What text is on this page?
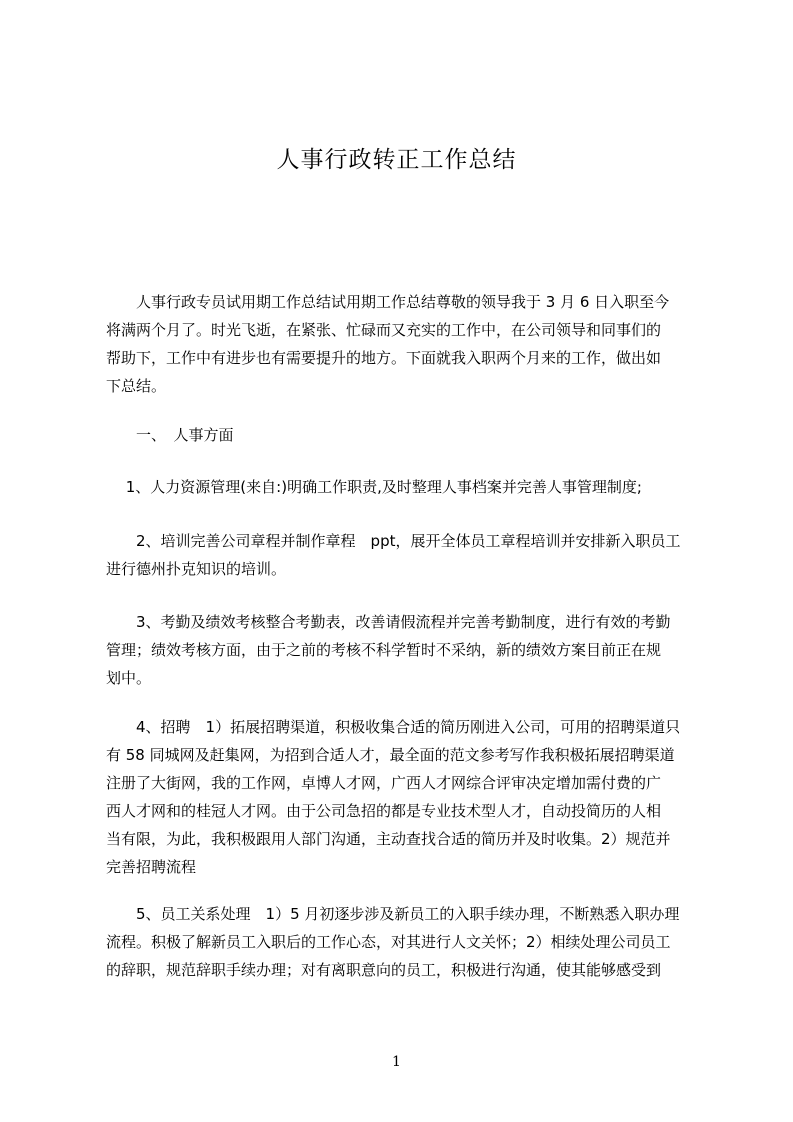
人事行政转正工作总结
　　人事行政专员试用期工作总结试用期工作总结尊敬的领导我于 3 月 6 日入职至今
将满两个月了。时光飞逝，在紧张、忙碌而又充实的工作中，在公司领导和同事们的
帮助下，工作中有进步也有需要提升的地方。下面就我入职两个月来的工作，做出如
下总结。
　　一、　人事方面
　 1、人力资源管理(来自:)明确工作职责,及时整理人事档案并完善人事管理制度;
　　2、培训完善公司章程并制作章程　ppt，展开全体员工章程培训并安排新入职员工
进行德州扑克知识的培训。
　　3、考勤及绩效考核整合考勤表，改善请假流程并完善考勤制度，进行有效的考勤
管理；绩效考核方面，由于之前的考核不科学暂时不采纳，新的绩效方案目前正在规
划中。
　　4、招聘　1）拓展招聘渠道，积极收集合适的简历刚进入公司，可用的招聘渠道只
有 58 同城网及赶集网，为招到合适人才，最全面的范文参考写作我积极拓展招聘渠道
注册了大街网，我的工作网，卓博人才网，广西人才网综合评审决定增加需付费的广
西人才网和的桂冠人才网。由于公司急招的都是专业技术型人才，自动投简历的人相
当有限，为此，我积极跟用人部门沟通，主动查找合适的简历并及时收集。2）规范并
完善招聘流程
　　5、员工关系处理　1）5 月初逐步涉及新员工的入职手续办理，不断熟悉入职办理
流程。积极了解新员工入职后的工作心态，对其进行人文关怀；2）相续处理公司员工
的辞职，规范辞职手续办理；对有离职意向的员工，积极进行沟通，使其能够感受到
1
